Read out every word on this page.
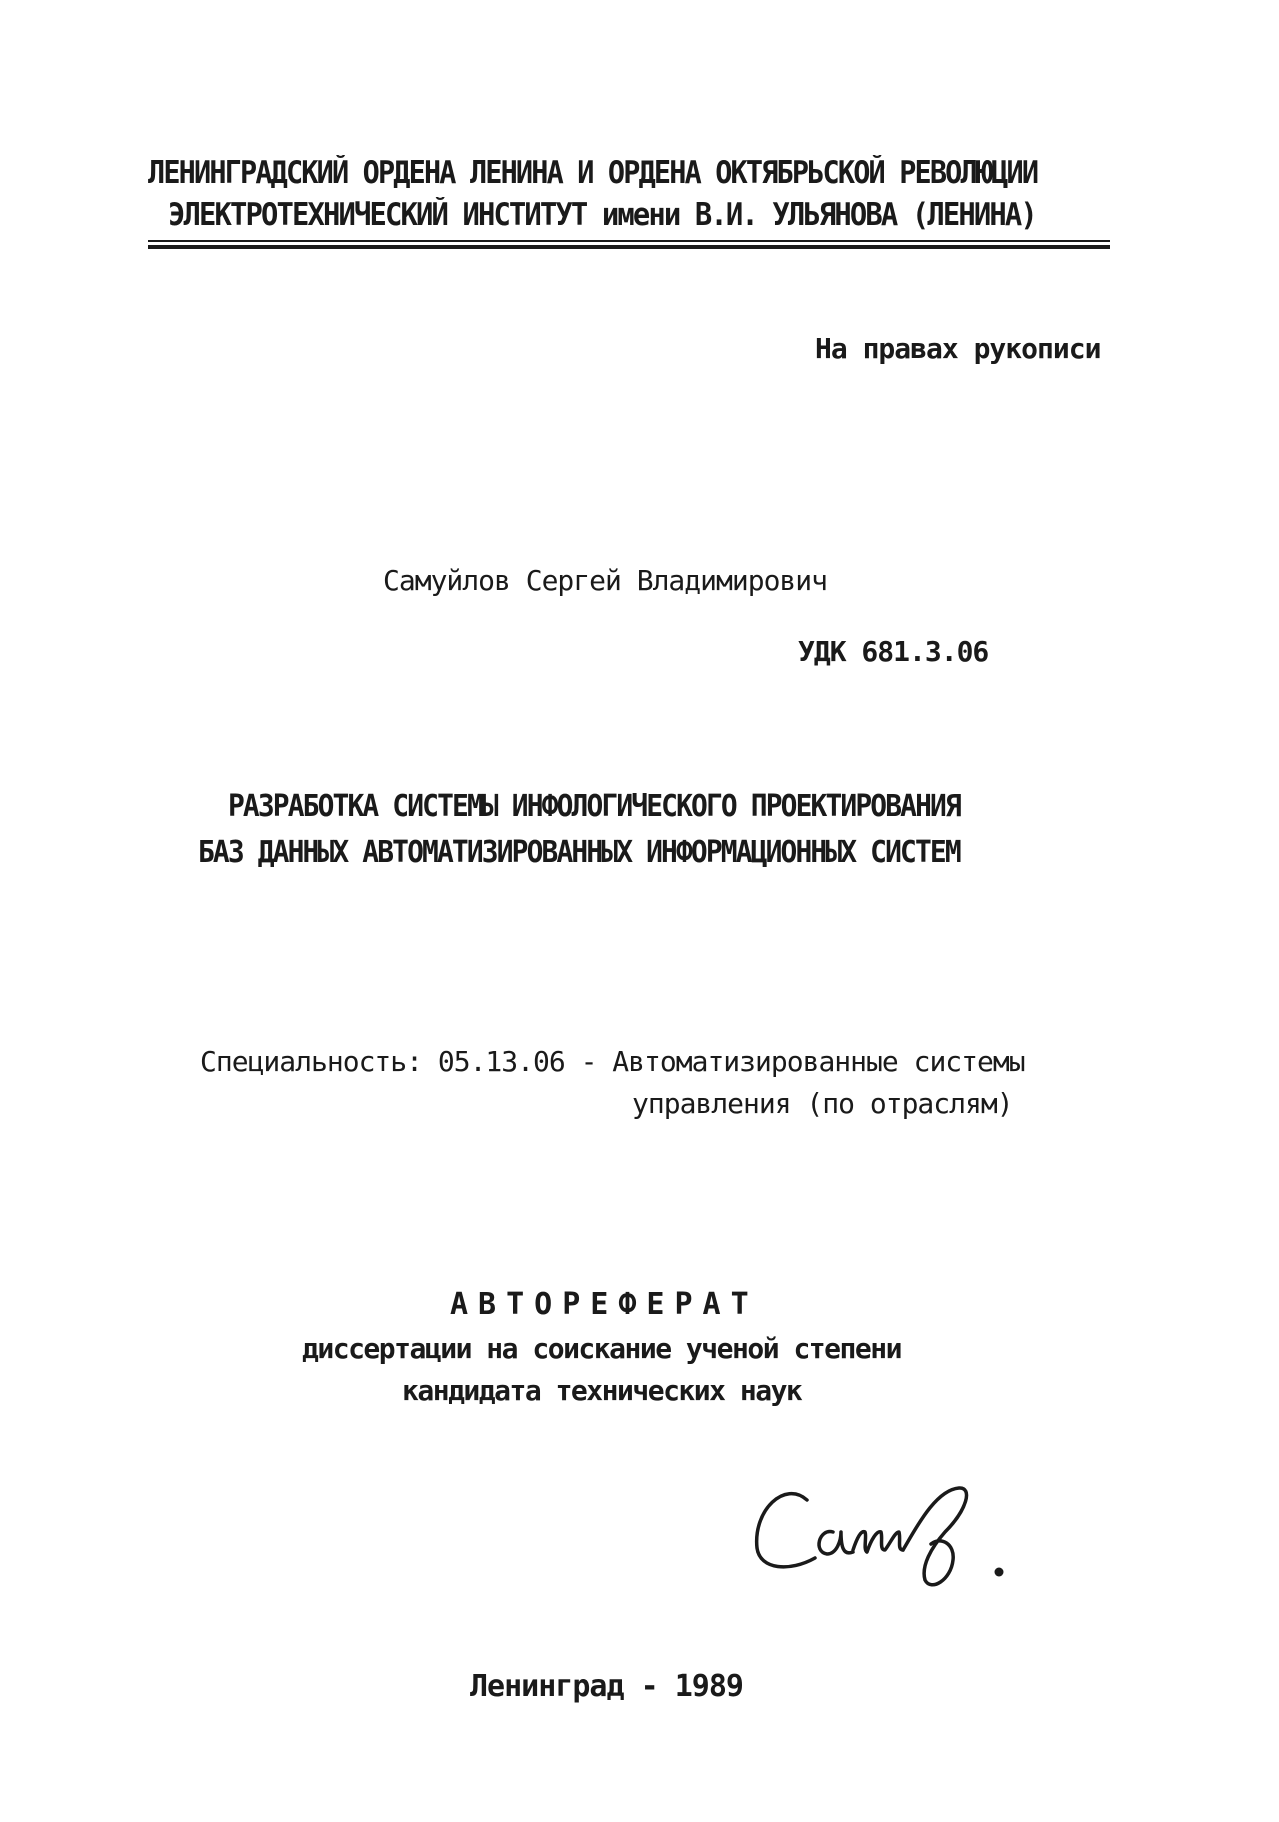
ЛЕНИНГРАДСКИЙ ОРДЕНА ЛЕНИНА И ОРДЕНА ОКТЯБРЬСКОЙ РЕВОЛЮЦИИ
ЭЛЕКТРОТЕХНИЧЕСКИЙ ИНСТИТУТ имени В.И. УЛЬЯНОВА (ЛЕНИНА)
На правах рукописи
Самуйлов Сергей Владимирович
УДК 681.3.06
РАЗРАБОТКА СИСТЕМЫ ИНФОЛОГИЧЕСКОГО ПРОЕКТИРОВАНИЯ
БАЗ ДАННЫХ АВТОМАТИЗИРОВАННЫХ ИНФОРМАЦИОННЫХ СИСТЕМ
Специальность: 05.13.06 - Автоматизированные системы
управления (по отраслям)
АВТОРЕФЕРАТ
диссертации на соискание ученой степени
кандидата технических наук
Ленинград - 1989
